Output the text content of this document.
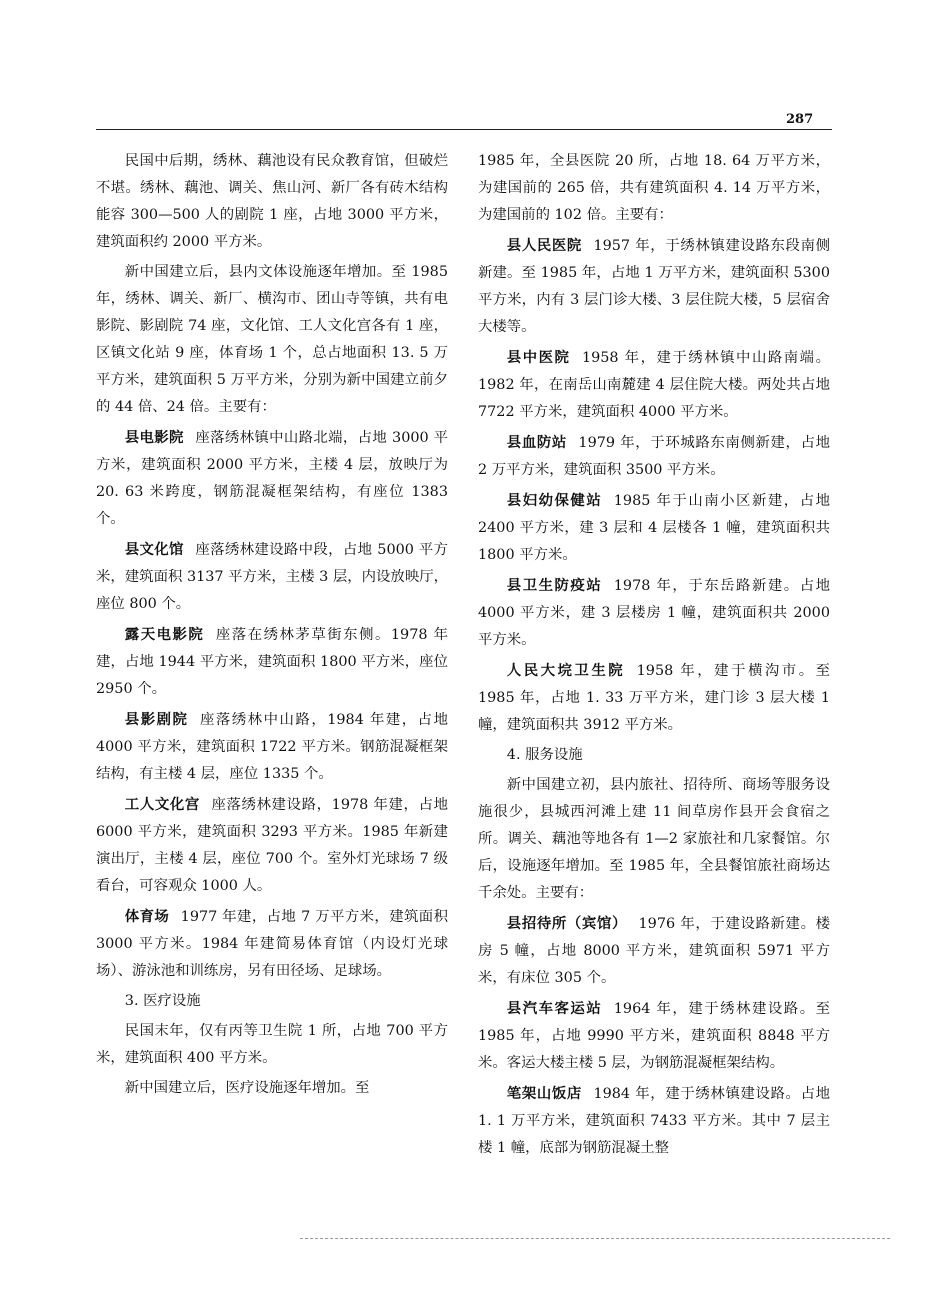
287

民国中后期，绣林、藕池设有民众教育馆，但破烂不堪。绣林、藕池、调关、焦山河、新厂各有砖木结构能容 300—500 人的剧院 1 座，占地 3000 平方米，建筑面积约 2000 平方米。

新中国建立后，县内文体设施逐年增加。至 1985 年，绣林、调关、新厂、横沟市、团山寺等镇，共有电影院、影剧院 74 座，文化馆、工人文化宫各有 1 座，区镇文化站 9 座，体育场 1 个，总占地面积 13. 5 万平方米，建筑面积 5 万平方米，分别为新中国建立前夕的 44 倍、24 倍。主要有：

县电影院 座落绣林镇中山路北端，占地 3000 平方米，建筑面积 2000 平方米，主楼 4 层，放映厅为 20. 63 米跨度，钢筋混凝框架结构，有座位 1383 个。

县文化馆 座落绣林建设路中段，占地 5000 平方米，建筑面积 3137 平方米，主楼 3 层，内设放映厅，座位 800 个。

露天电影院 座落在绣林茅草街东侧。1978 年建，占地 1944 平方米，建筑面积 1800 平方米，座位 2950 个。

县影剧院 座落绣林中山路，1984 年建，占地 4000 平方米，建筑面积 1722 平方米。钢筋混凝框架结构，有主楼 4 层，座位 1335 个。

工人文化宫 座落绣林建设路，1978 年建，占地 6000 平方米，建筑面积 3293 平方米。1985 年新建演出厅，主楼 4 层，座位 700 个。室外灯光球场 7 级看台，可容观众 1000 人。

体育场 1977 年建，占地 7 万平方米，建筑面积 3000 平方米。1984 年建简易体育馆（内设灯光球场）、游泳池和训练房，另有田径场、足球场。

3. 医疗设施

民国末年，仅有丙等卫生院 1 所，占地 700 平方米，建筑面积 400 平方米。

新中国建立后，医疗设施逐年增加。至

1985 年，全县医院 20 所，占地 18. 64 万平方米，为建国前的 265 倍，共有建筑面积 4. 14 万平方米，为建国前的 102 倍。主要有：

县人民医院 1957 年，于绣林镇建设路东段南侧新建。至 1985 年，占地 1 万平方米，建筑面积 5300 平方米，内有 3 层门诊大楼、3 层住院大楼，5 层宿舍大楼等。

县中医院 1958 年，建于绣林镇中山路南端。1982 年，在南岳山南麓建 4 层住院大楼。两处共占地 7722 平方米，建筑面积 4000 平方米。

县血防站 1979 年，于环城路东南侧新建，占地 2 万平方米，建筑面积 3500 平方米。

县妇幼保健站 1985 年于山南小区新建，占地 2400 平方米，建 3 层和 4 层楼各 1 幢，建筑面积共 1800 平方米。

县卫生防疫站 1978 年，于东岳路新建。占地 4000 平方米，建 3 层楼房 1 幢，建筑面积共 2000 平方米。

人民大垸卫生院 1958 年，建于横沟市。至 1985 年，占地 1. 33 万平方米，建门诊 3 层大楼 1 幢，建筑面积共 3912 平方米。

4. 服务设施

新中国建立初，县内旅社、招待所、商场等服务设施很少，县城西河滩上建 11 间草房作县开会食宿之所。调关、藕池等地各有 1—2 家旅社和几家餐馆。尔后，设施逐年增加。至 1985 年，全县餐馆旅社商场达千余处。主要有：

县招待所（宾馆） 1976 年，于建设路新建。楼房 5 幢，占地 8000 平方米，建筑面积 5971 平方米，有床位 305 个。

县汽车客运站 1964 年，建于绣林建设路。至 1985 年，占地 9990 平方米，建筑面积 8848 平方米。客运大楼主楼 5 层，为钢筋混凝框架结构。

笔架山饭店 1984 年，建于绣林镇建设路。占地 1. 1 万平方米，建筑面积 7433 平方米。其中 7 层主楼 1 幢，底部为钢筋混凝土整
